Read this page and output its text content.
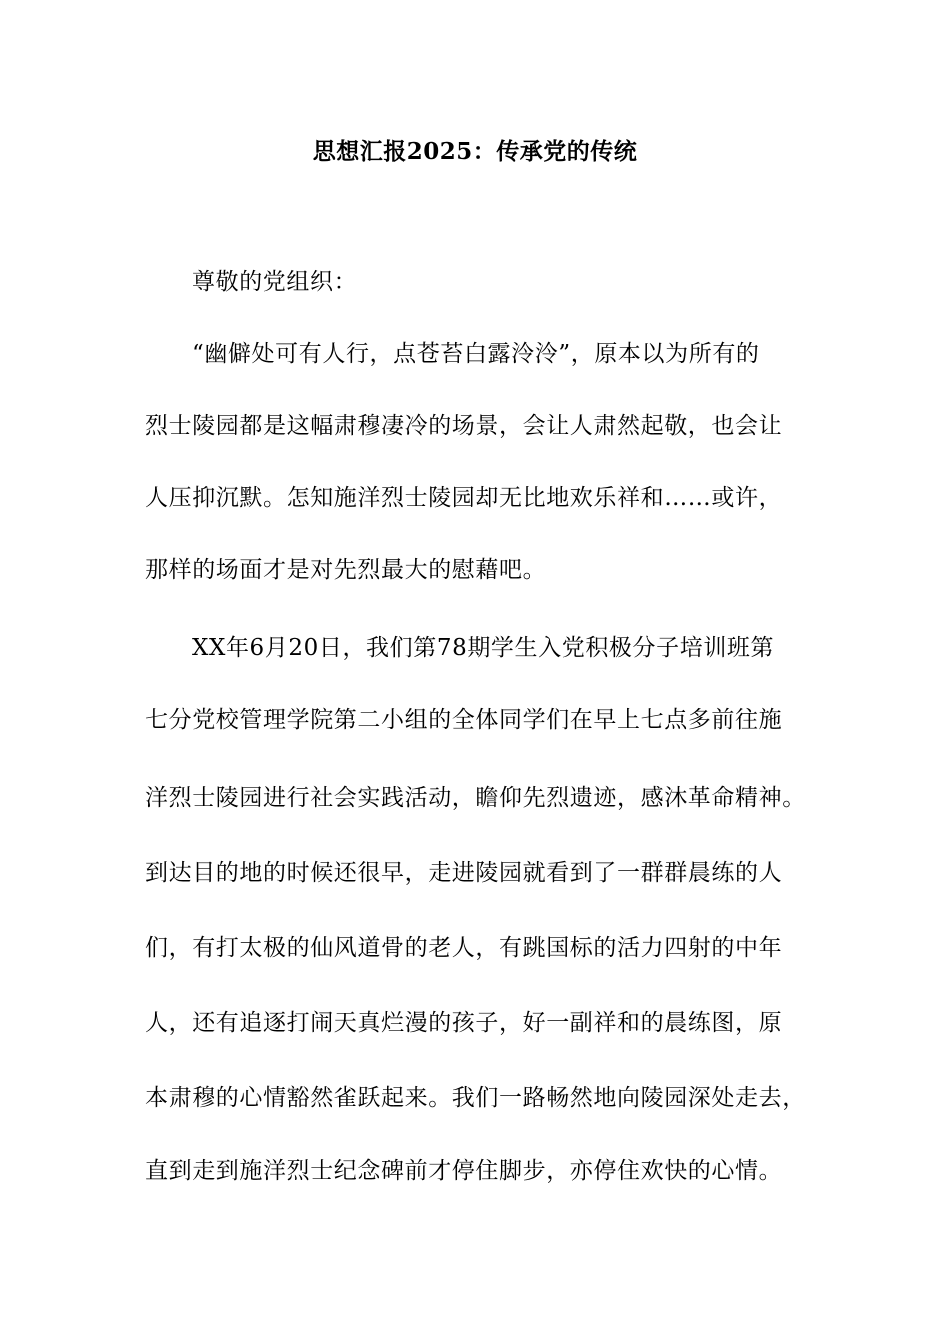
思想汇报2025：传承党的传统

尊敬的党组织：

“幽僻处可有人行，点苍苔白露泠泠”，原本以为所有的

烈士陵园都是这幅肃穆凄冷的场景，会让人肃然起敬，也会让

人压抑沉默。怎知施洋烈士陵园却无比地欢乐祥和……或许，

那样的场面才是对先烈最大的慰藉吧。

XX年6月20日，我们第78期学生入党积极分子培训班第

七分党校管理学院第二小组的全体同学们在早上七点多前往施

洋烈士陵园进行社会实践活动，瞻仰先烈遗迹，感沐革命精神。

到达目的地的时候还很早，走进陵园就看到了一群群晨练的人

们，有打太极的仙风道骨的老人，有跳国标的活力四射的中年

人，还有追逐打闹天真烂漫的孩子，好一副祥和的晨练图，原

本肃穆的心情豁然雀跃起来。我们一路畅然地向陵园深处走去，

直到走到施洋烈士纪念碑前才停住脚步，亦停住欢快的心情。
